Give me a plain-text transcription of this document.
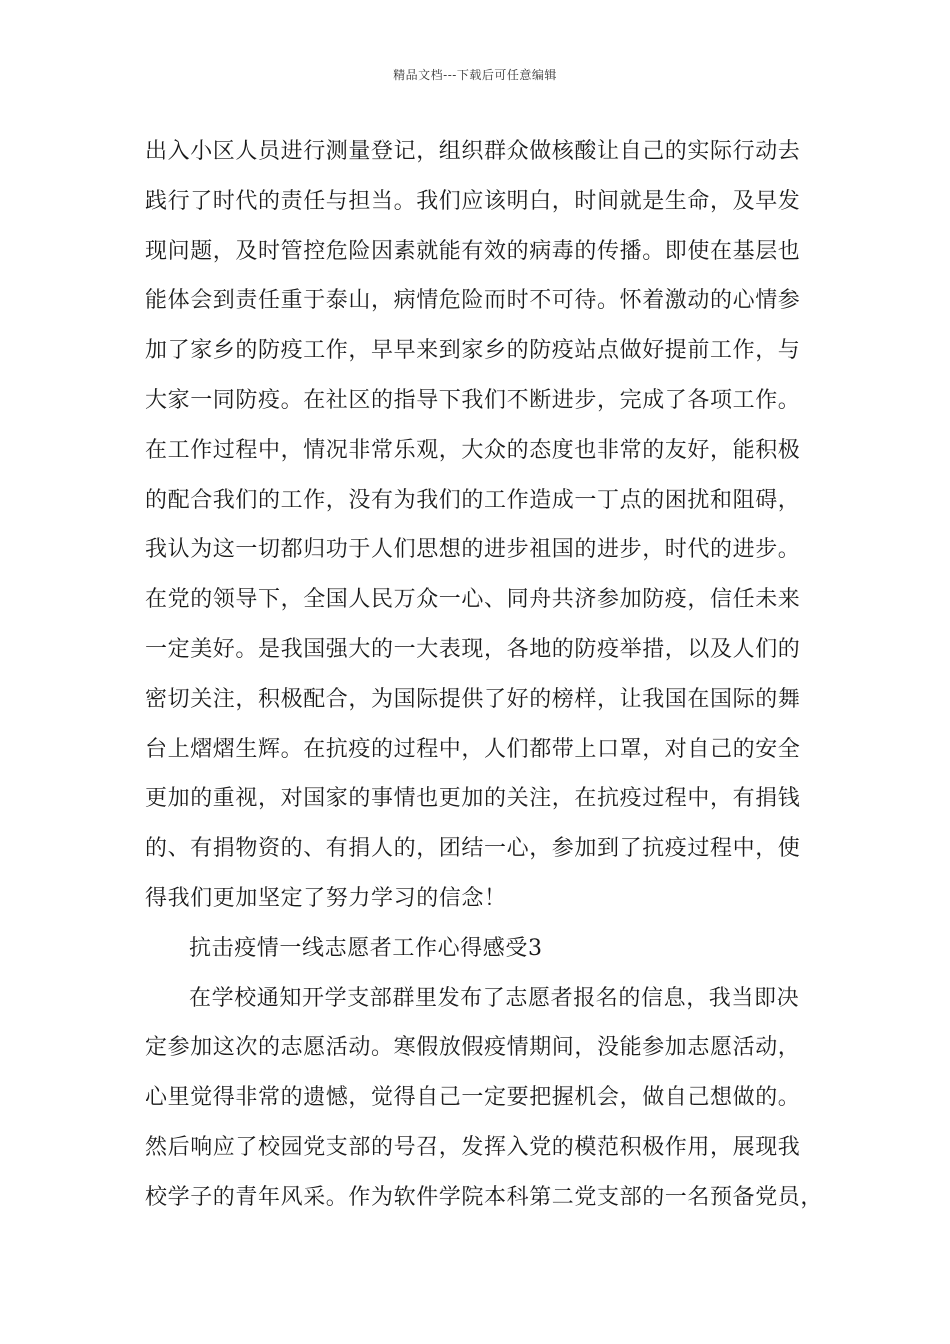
精品文档---下载后可任意编辑
出入小区人员进行测量登记，组织群众做核酸让自己的实际行动去
践行了时代的责任与担当。我们应该明白，时间就是生命，及早发
现问题，及时管控危险因素就能有效的病毒的传播。即使在基层也
能体会到责任重于泰山，病情危险而时不可待。怀着激动的心情参
加了家乡的防疫工作，早早来到家乡的防疫站点做好提前工作，与
大家一同防疫。在社区的指导下我们不断进步，完成了各项工作。
在工作过程中，情况非常乐观，大众的态度也非常的友好，能积极
的配合我们的工作，没有为我们的工作造成一丁点的困扰和阻碍，
我认为这一切都归功于人们思想的进步祖国的进步，时代的进步。
在党的领导下，全国人民万众一心、同舟共济参加防疫，信任未来
一定美好。是我国强大的一大表现，各地的防疫举措，以及人们的
密切关注，积极配合，为国际提供了好的榜样，让我国在国际的舞
台上熠熠生辉。在抗疫的过程中，人们都带上口罩，对自己的安全
更加的重视，对国家的事情也更加的关注，在抗疫过程中，有捐钱
的、有捐物资的、有捐人的，团结一心，参加到了抗疫过程中，使
得我们更加坚定了努力学习的信念！
抗击疫情一线志愿者工作心得感受3
在学校通知开学支部群里发布了志愿者报名的信息，我当即决
定参加这次的志愿活动。寒假放假疫情期间，没能参加志愿活动，
心里觉得非常的遗憾，觉得自己一定要把握机会，做自己想做的。
然后响应了校园党支部的号召，发挥入党的模范积极作用，展现我
校学子的青年风采。作为软件学院本科第二党支部的一名预备党员，
